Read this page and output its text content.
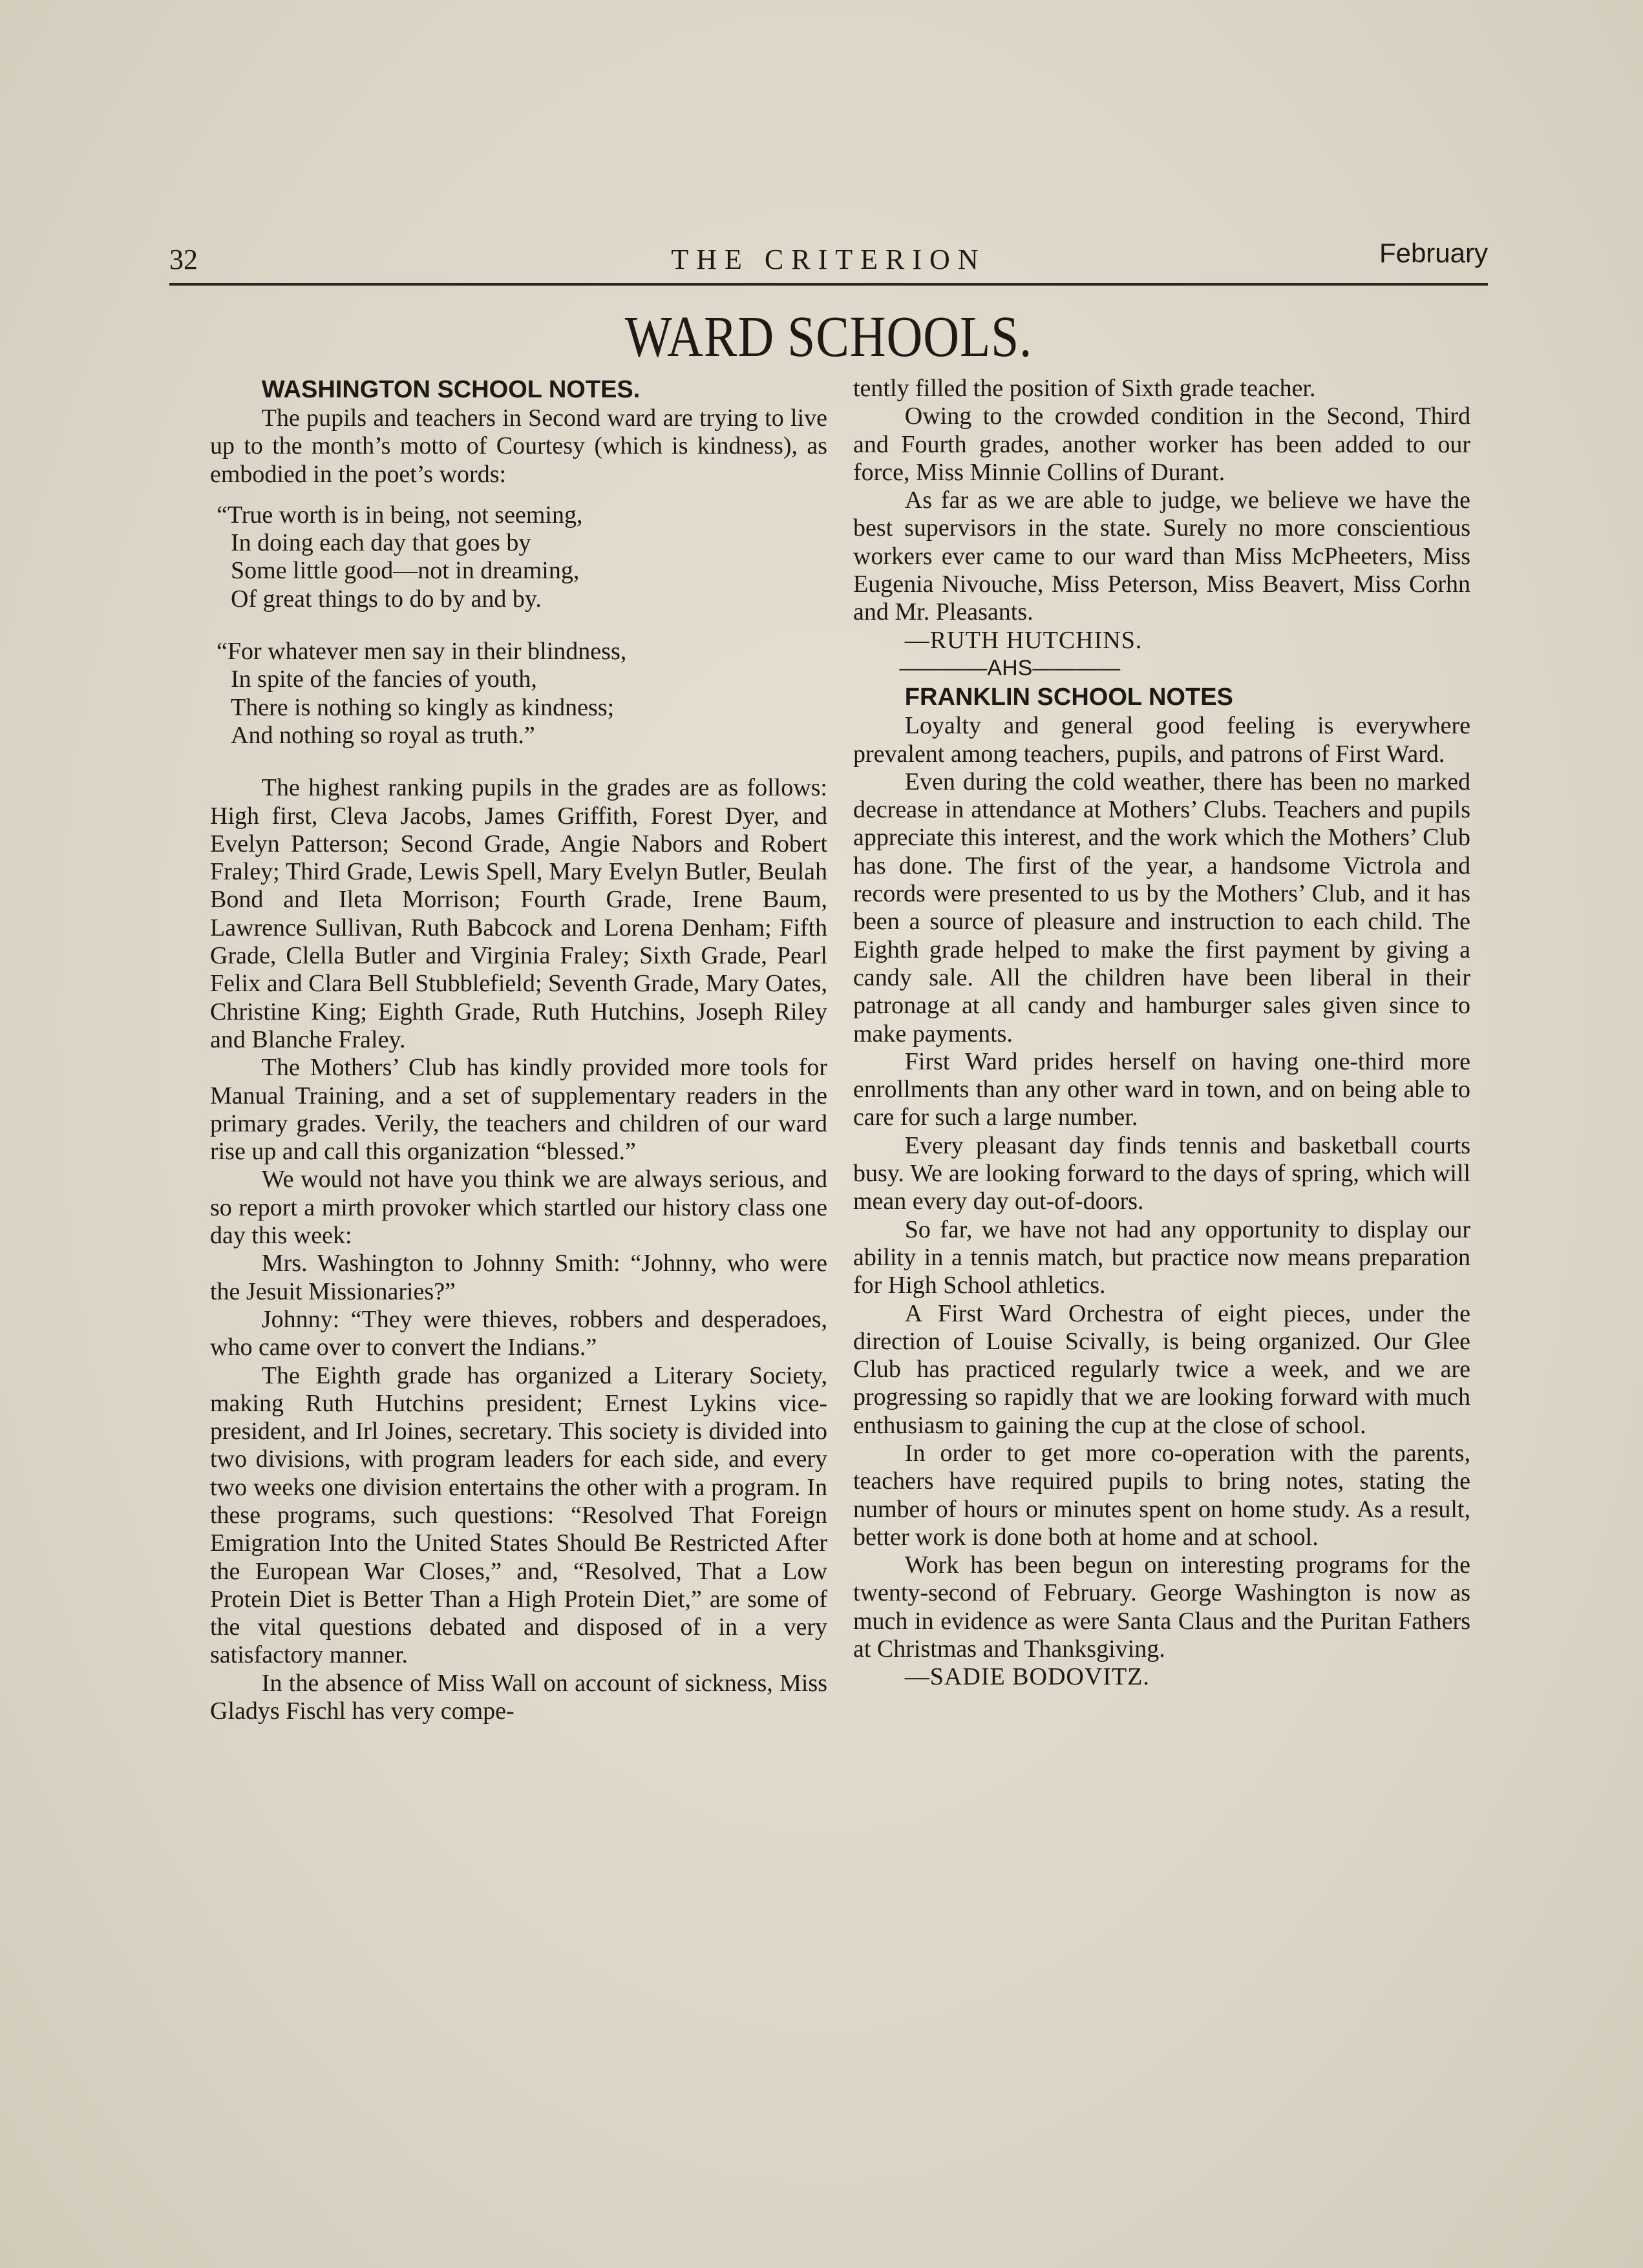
32	THE CRITERION	February
WARD SCHOOLS.

WASHINGTON SCHOOL NOTES.

The pupils and teachers in Second ward are trying to live up to the month’s motto of Courtesy (which is kindness), as embodied in the poet’s words:

“True worth is in being, not seeming,
In doing each day that goes by
Some little good—not in dreaming,
Of great things to do by and by.
“For whatever men say in their blindness,
In spite of the fancies of youth,
There is nothing so kingly as kindness;
And nothing so royal as truth.”

The highest ranking pupils in the grades are as follows: High first, Cleva Jacobs, James Griffith, Forest Dyer, and Evelyn Patterson; Second Grade, Angie Nabors and Robert Fraley; Third Grade, Lewis Spell, Mary Evelyn Butler, Beulah Bond and Ileta Morrison; Fourth Grade, Irene Baum, Lawrence Sullivan, Ruth Babcock and Lorena Denham; Fifth Grade, Clella Butler and Virginia Fraley; Sixth Grade, Pearl Felix and Clara Bell Stubblefield; Seventh Grade, Mary Oates, Christine King; Eighth Grade, Ruth Hutchins, Joseph Riley and Blanche Fraley.

The Mothers’ Club has kindly provided more tools for Manual Training, and a set of supplementary readers in the primary grades. Verily, the teachers and children of our ward rise up and call this organization “blessed.”

We would not have you think we are always serious, and so report a mirth provoker which startled our history class one day this week:

Mrs. Washington to Johnny Smith: “Johnny, who were the Jesuit Missionaries?”

Johnny: “They were thieves, robbers and desperadoes, who came over to convert the Indians.”

The Eighth grade has organized a Literary Society, making Ruth Hutchins president; Ernest Lykins vice-president, and Irl Joines, secretary. This society is divided into two divisions, with program leaders for each side, and every two weeks one division entertains the other with a program. In these programs, such questions: “Resolved That Foreign Emigration Into the United States Should Be Restricted After the European War Closes,” and, “Resolved, That a Low Protein Diet is Better Than a High Protein Diet,” are some of the vital questions debated and disposed of in a very satisfactory manner.

In the absence of Miss Wall on account of sickness, Miss Gladys Fischl has very compe-

tently filled the position of Sixth grade teacher.

Owing to the crowded condition in the Second, Third and Fourth grades, another worker has been added to our force, Miss Minnie Collins of Durant.

As far as we are able to judge, we believe we have the best supervisors in the state. Surely no more conscientious workers ever came to our ward than Miss McPheeters, Miss Eugenia Nivouche, Miss Peterson, Miss Beavert, Miss Corhn and Mr. Pleasants.

—RUTH HUTCHINS.

————AHS————

FRANKLIN SCHOOL NOTES

Loyalty and general good feeling is everywhere prevalent among teachers, pupils, and patrons of First Ward.

Even during the cold weather, there has been no marked decrease in attendance at Mothers’ Clubs. Teachers and pupils appreciate this interest, and the work which the Mothers’ Club has done. The first of the year, a handsome Victrola and records were presented to us by the Mothers’ Club, and it has been a source of pleasure and instruction to each child. The Eighth grade helped to make the first payment by giving a candy sale. All the children have been liberal in their patronage at all candy and hamburger sales given since to make payments.

First Ward prides herself on having one-third more enrollments than any other ward in town, and on being able to care for such a large number.

Every pleasant day finds tennis and basketball courts busy. We are looking forward to the days of spring, which will mean every day out-of-doors.

So far, we have not had any opportunity to display our ability in a tennis match, but practice now means preparation for High School athletics.

A First Ward Orchestra of eight pieces, under the direction of Louise Scivally, is being organized. Our Glee Club has practiced regularly twice a week, and we are progressing so rapidly that we are looking forward with much enthusiasm to gaining the cup at the close of school.

In order to get more co-operation with the parents, teachers have required pupils to bring notes, stating the number of hours or minutes spent on home study. As a result, better work is done both at home and at school.

Work has been begun on interesting programs for the twenty-second of February. George Washington is now as much in evidence as were Santa Claus and the Puritan Fathers at Christmas and Thanksgiving.

—SADIE BODOVITZ.
